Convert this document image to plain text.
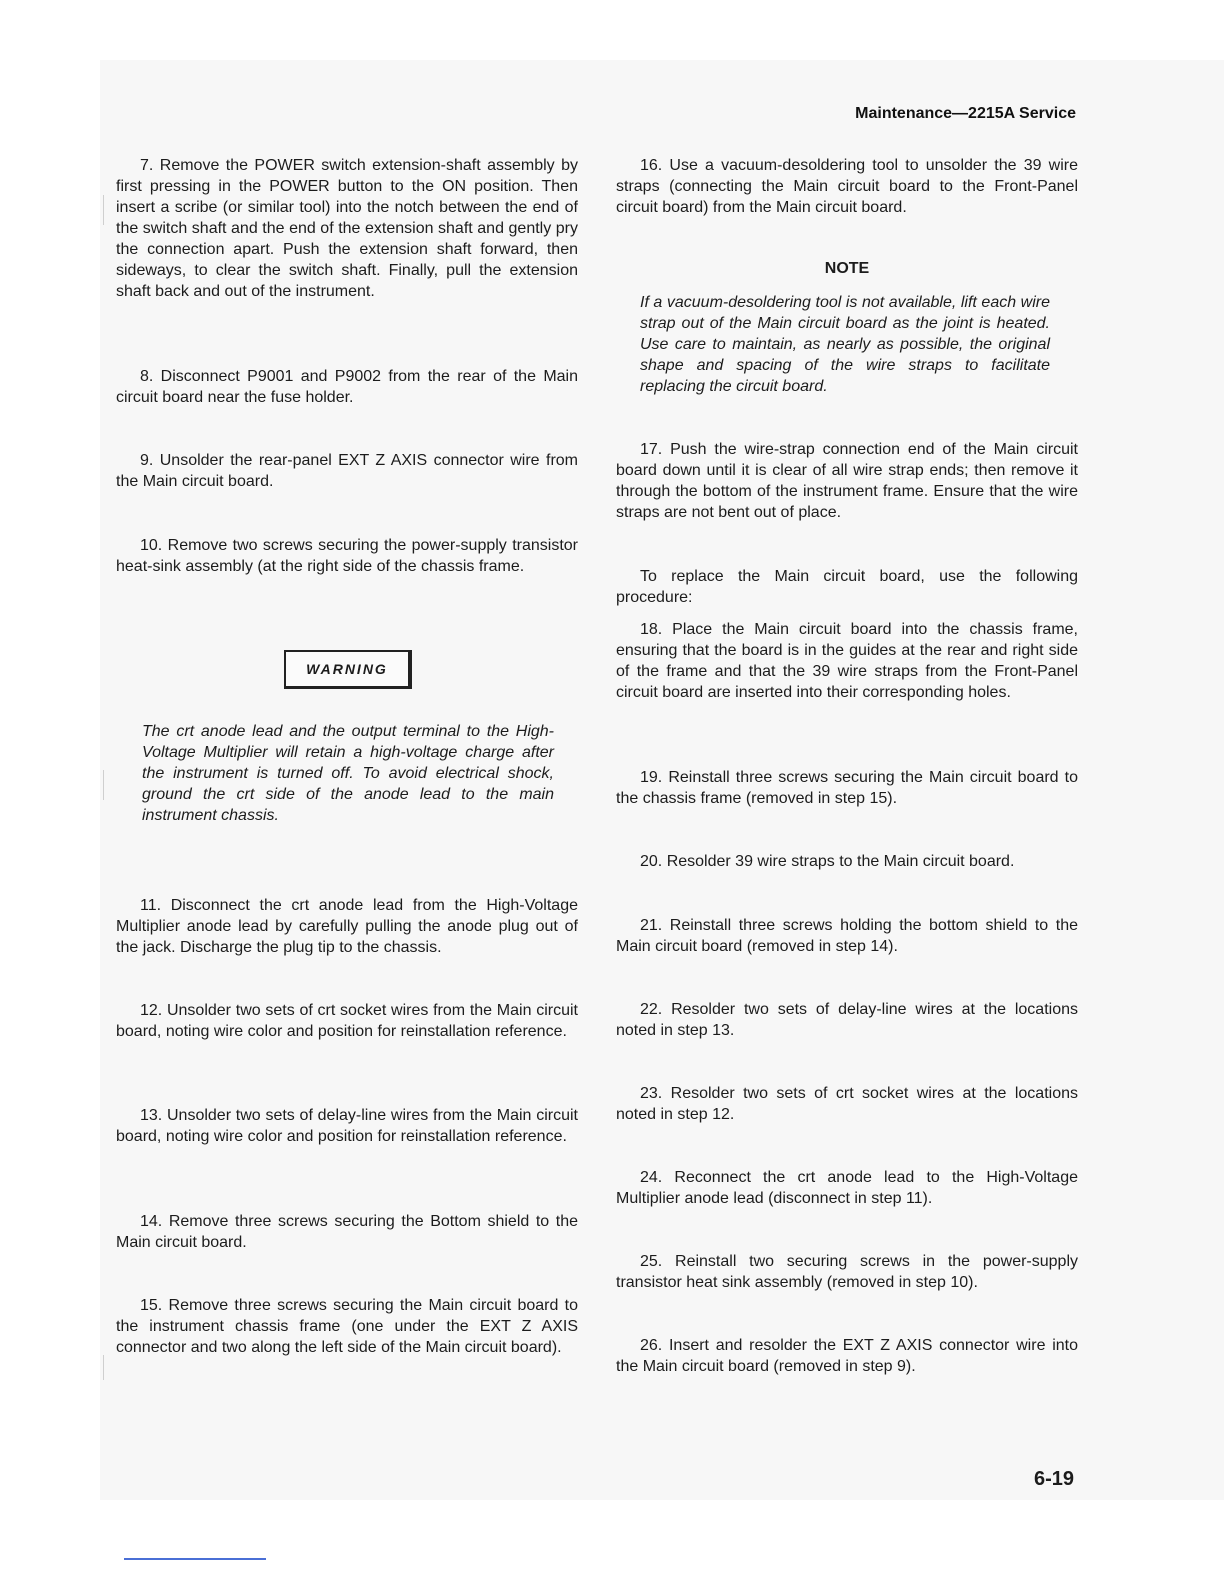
Maintenance—2215A Service

7. Remove the POWER switch extension-shaft assembly by first pressing in the POWER button to the ON position. Then insert a scribe (or similar tool) into the notch between the end of the switch shaft and the end of the extension shaft and gently pry the connection apart. Push the extension shaft forward, then sideways, to clear the switch shaft. Finally, pull the extension shaft back and out of the instrument.

8. Disconnect P9001 and P9002 from the rear of the Main circuit board near the fuse holder.

9. Unsolder the rear-panel EXT Z AXIS connector wire from the Main circuit board.

10. Remove two screws securing the power-supply transistor heat-sink assembly (at the right side of the chassis frame.

WARNING

The crt anode lead and the output terminal to the High-Voltage Multiplier will retain a high-voltage charge after the instrument is turned off. To avoid electrical shock, ground the crt side of the anode lead to the main instrument chassis.

11. Disconnect the crt anode lead from the High-Voltage Multiplier anode lead by carefully pulling the anode plug out of the jack. Discharge the plug tip to the chassis.

12. Unsolder two sets of crt socket wires from the Main circuit board, noting wire color and position for reinstallation reference.

13. Unsolder two sets of delay-line wires from the Main circuit board, noting wire color and position for reinstallation reference.

14. Remove three screws securing the Bottom shield to the Main circuit board.

15. Remove three screws securing the Main circuit board to the instrument chassis frame (one under the EXT Z AXIS connector and two along the left side of the Main circuit board).

16. Use a vacuum-desoldering tool to unsolder the 39 wire straps (connecting the Main circuit board to the Front-Panel circuit board) from the Main circuit board.

NOTE

If a vacuum-desoldering tool is not available, lift each wire strap out of the Main circuit board as the joint is heated. Use care to maintain, as nearly as possible, the original shape and spacing of the wire straps to facilitate replacing the circuit board.

17. Push the wire-strap connection end of the Main circuit board down until it is clear of all wire strap ends; then remove it through the bottom of the instrument frame. Ensure that the wire straps are not bent out of place.

To replace the Main circuit board, use the following procedure:

18. Place the Main circuit board into the chassis frame, ensuring that the board is in the guides at the rear and right side of the frame and that the 39 wire straps from the Front-Panel circuit board are inserted into their corresponding holes.

19. Reinstall three screws securing the Main circuit board to the chassis frame (removed in step 15).

20. Resolder 39 wire straps to the Main circuit board.

21. Reinstall three screws holding the bottom shield to the Main circuit board (removed in step 14).

22. Resolder two sets of delay-line wires at the locations noted in step 13.

23. Resolder two sets of crt socket wires at the locations noted in step 12.

24. Reconnect the crt anode lead to the High-Voltage Multiplier anode lead (disconnect in step 11).

25. Reinstall two securing screws in the power-supply transistor heat sink assembly (removed in step 10).

26. Insert and resolder the EXT Z AXIS connector wire into the Main circuit board (removed in step 9).

6-19
